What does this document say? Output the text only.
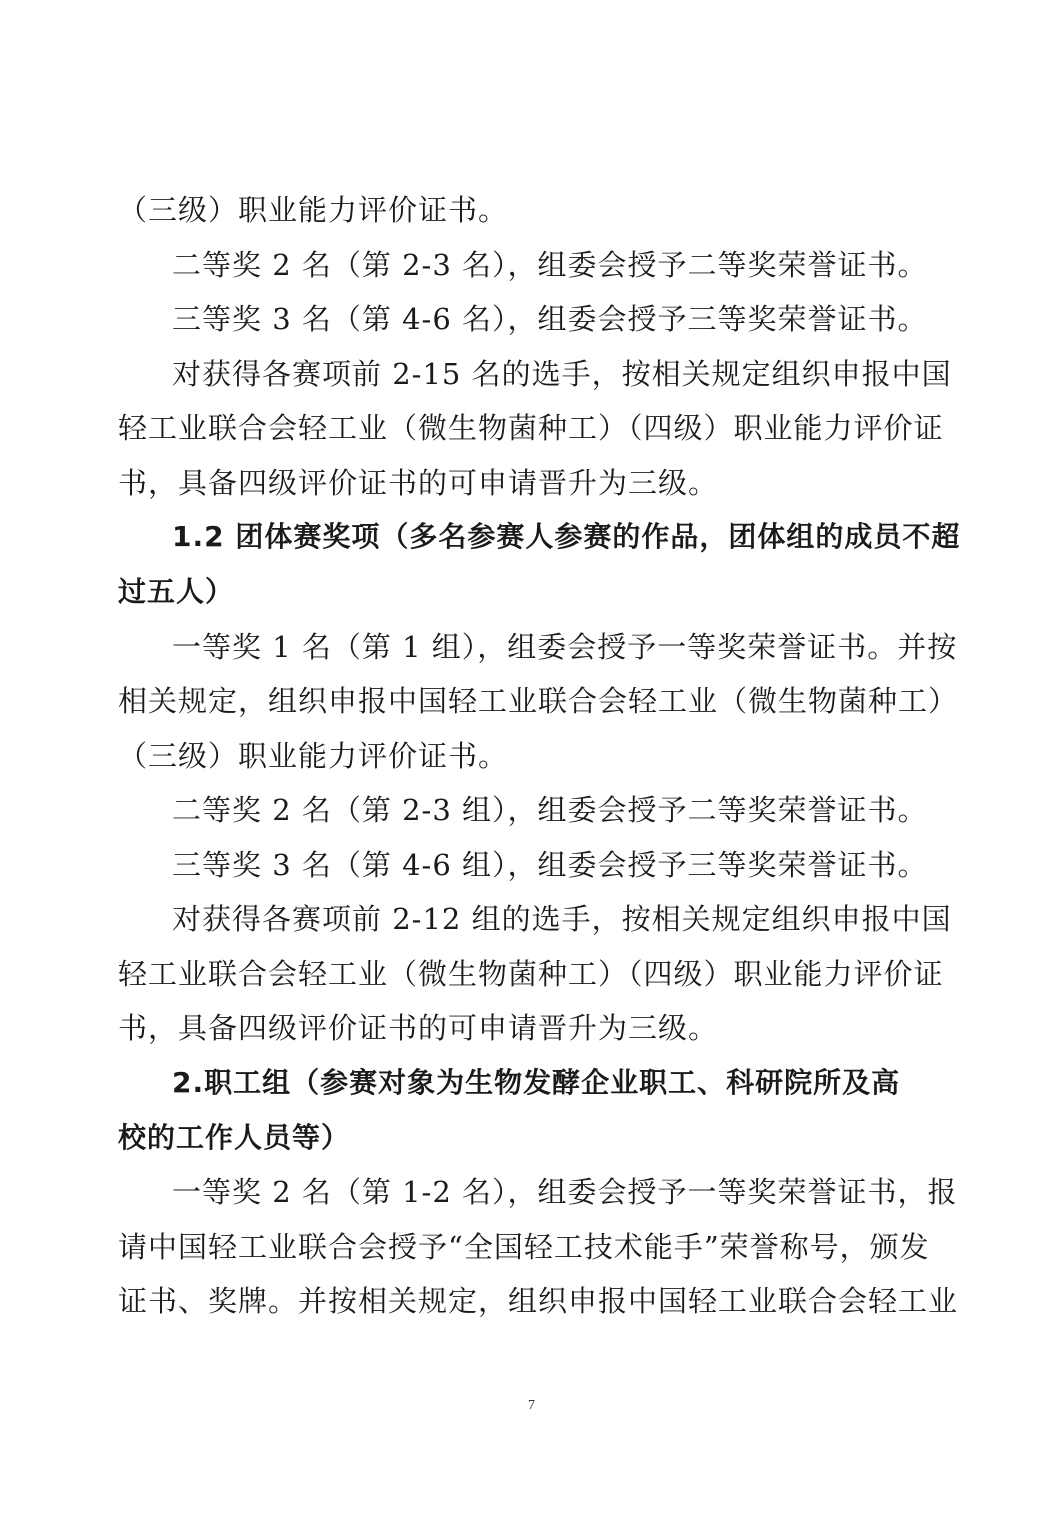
（三级）职业能力评价证书。
二等奖 2 名（第 2-3 名），组委会授予二等奖荣誉证书。
三等奖 3 名（第 4-6 名），组委会授予三等奖荣誉证书。
对获得各赛项前 2-15 名的选手，按相关规定组织申报中国
轻工业联合会轻工业（微生物菌种工）（四级）职业能力评价证
书，具备四级评价证书的可申请晋升为三级。
1.2 团体赛奖项（多名参赛人参赛的作品，团体组的成员不超
过五人）
一等奖 1 名（第 1 组），组委会授予一等奖荣誉证书。并按
相关规定，组织申报中国轻工业联合会轻工业（微生物菌种工）
（三级）职业能力评价证书。
二等奖 2 名（第 2-3 组），组委会授予二等奖荣誉证书。
三等奖 3 名（第 4-6 组），组委会授予三等奖荣誉证书。
对获得各赛项前 2-12 组的选手，按相关规定组织申报中国
轻工业联合会轻工业（微生物菌种工）（四级）职业能力评价证
书，具备四级评价证书的可申请晋升为三级。
2.职工组（参赛对象为生物发酵企业职工、科研院所及高
校的工作人员等）
一等奖 2 名（第 1-2 名），组委会授予一等奖荣誉证书，报
请中国轻工业联合会授予“全国轻工技术能手”荣誉称号，颁发
证书、奖牌。并按相关规定，组织申报中国轻工业联合会轻工业
7
